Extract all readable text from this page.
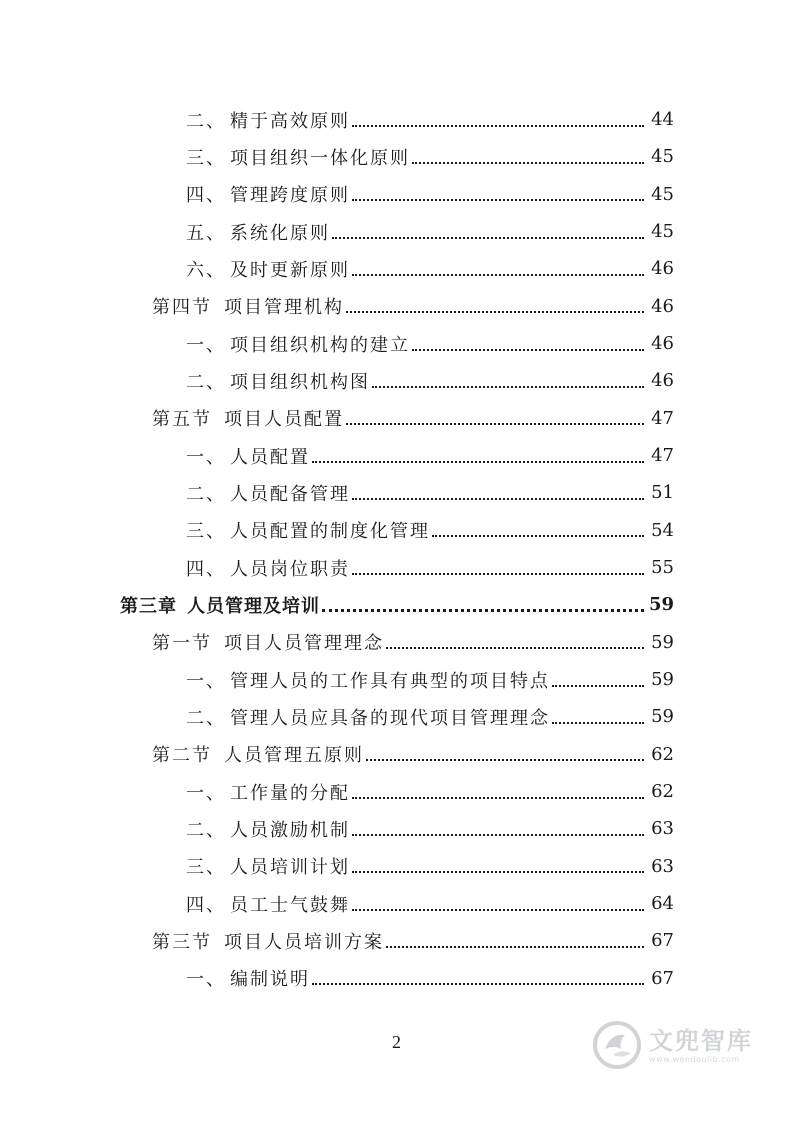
二、 精于高效原则	44
三、 项目组织一体化原则	45
四、 管理跨度原则	45
五、 系统化原则	45
六、 及时更新原则	46
第四节 项目管理机构	46
一、 项目组织机构的建立	46
二、 项目组织机构图	46
第五节 项目人员配置	47
一、 人员配置	47
二、 人员配备管理	51
三、 人员配置的制度化管理	54
四、 人员岗位职责	55
第三章 人员管理及培训	59
第一节 项目人员管理理念	59
一、 管理人员的工作具有典型的项目特点	59
二、 管理人员应具备的现代项目管理理念	59
第二节 人员管理五原则	62
一、 工作量的分配	62
二、 人员激励机制	63
三、 人员培训计划	63
四、 员工士气鼓舞	64
第三节 项目人员培训方案	67
一、 编制说明	67
2	文兜智库
www.wendoulib.com
